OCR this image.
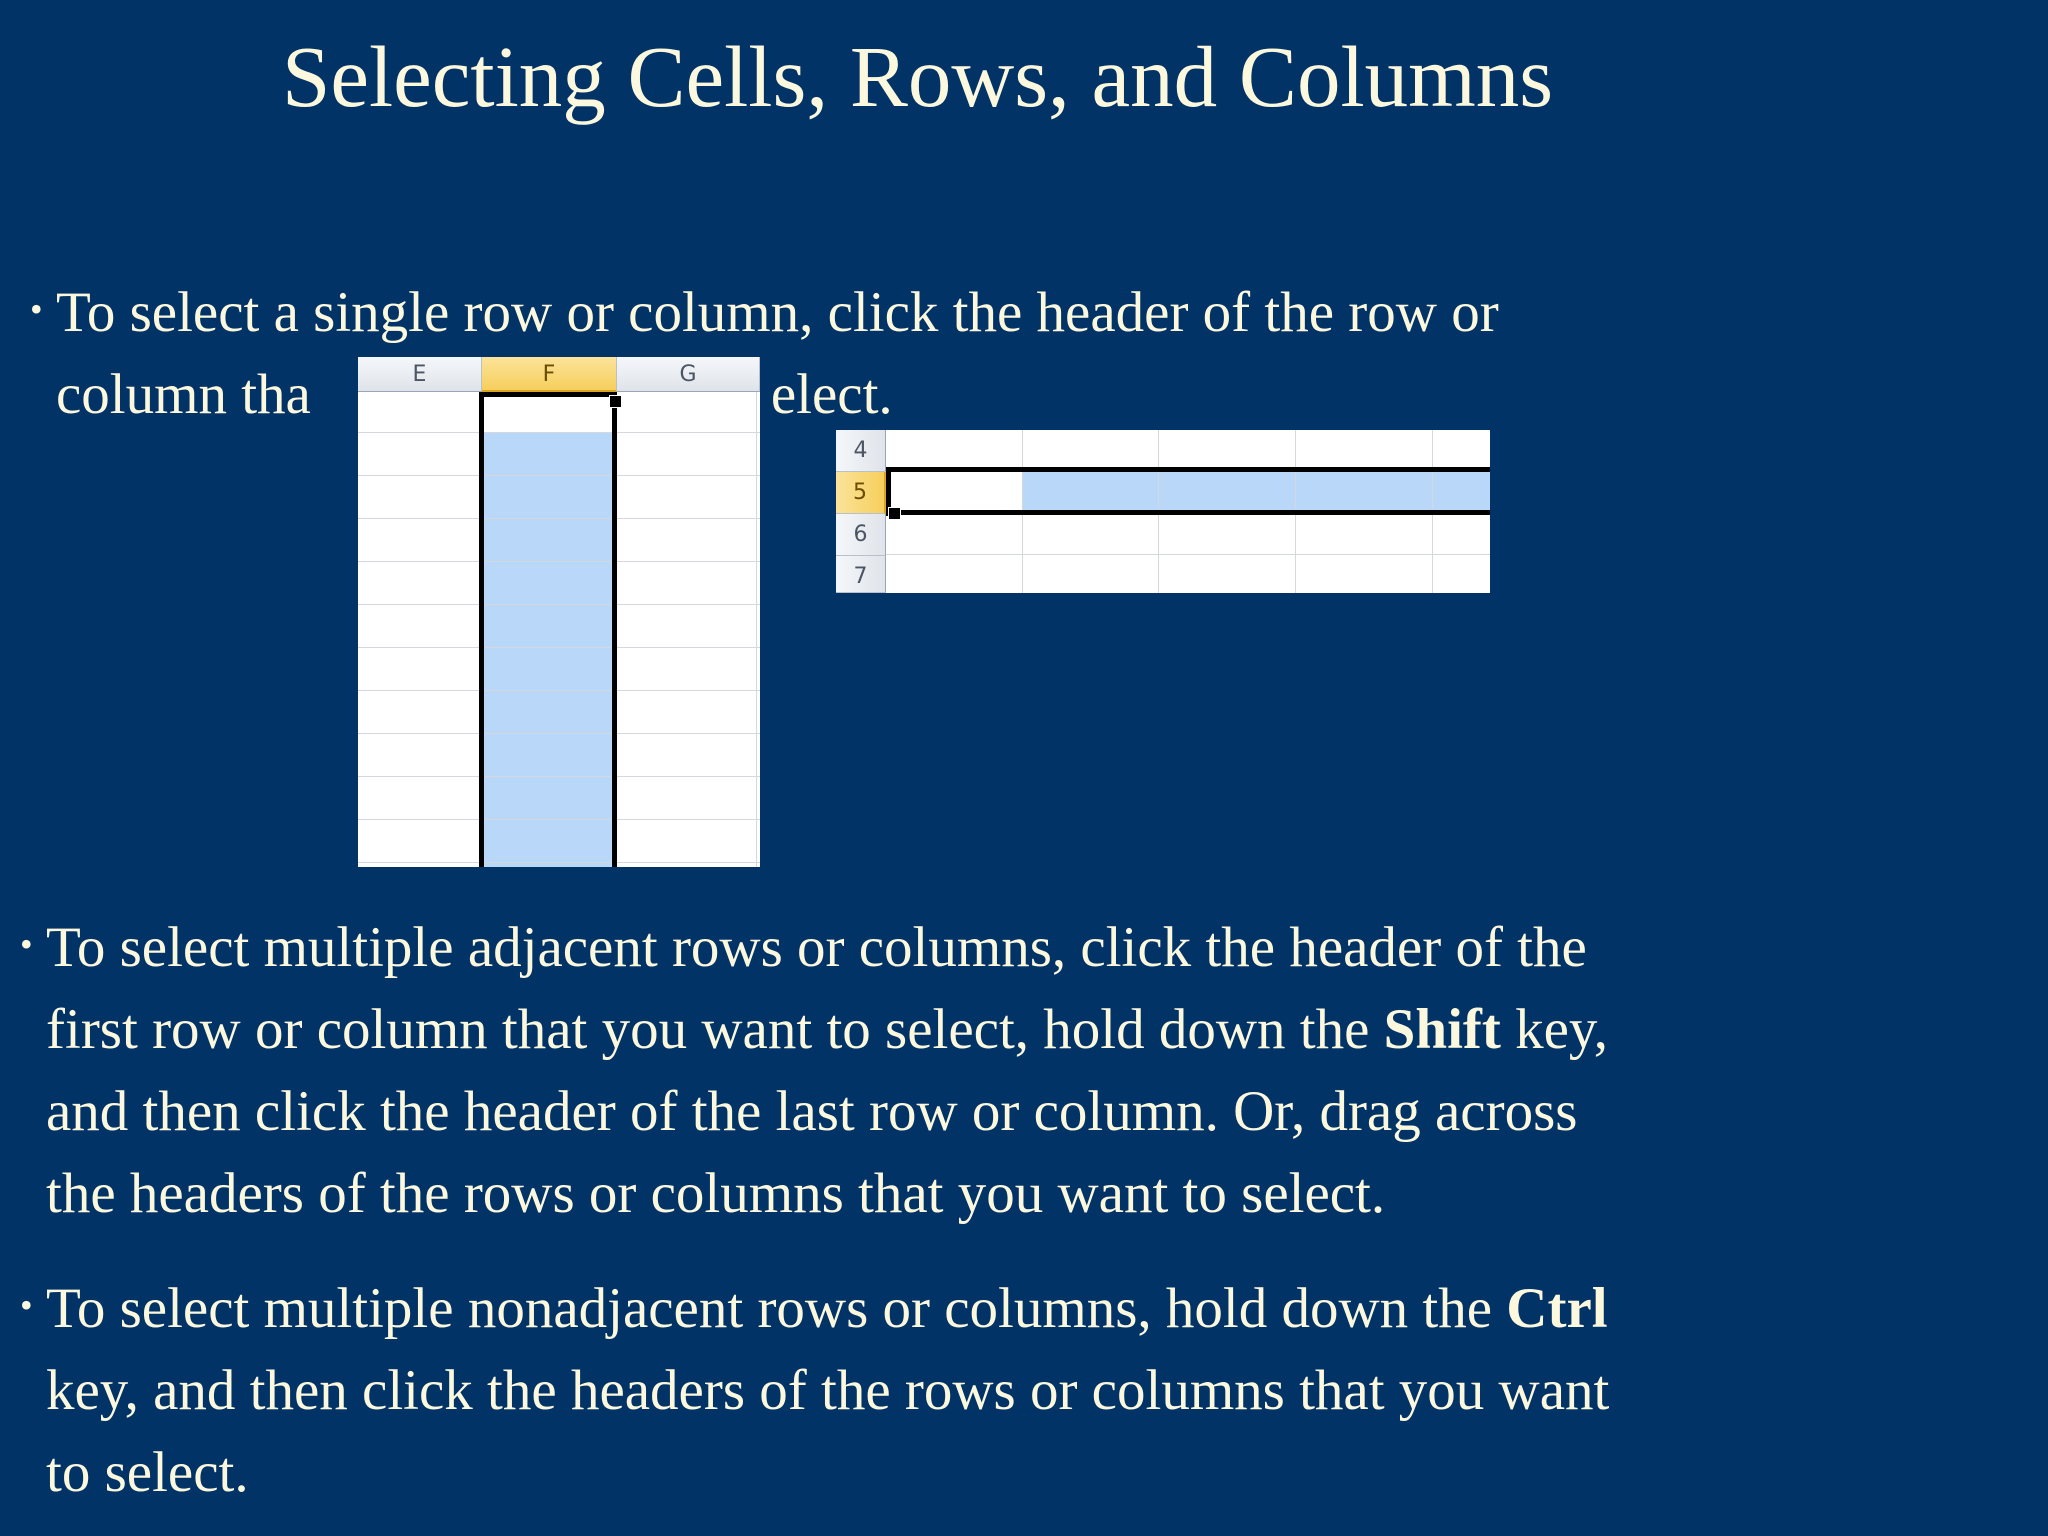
Selecting Cells, Rows, and Columns
• To select a single row or column, click the header of the row or
column tha	elect.
E	F	G
4
5
6
7
• To select multiple adjacent rows or columns, click the header of the
first row or column that you want to select, hold down the Shift key,
and then click the header of the last row or column. Or, drag across
the headers of the rows or columns that you want to select.
• To select multiple nonadjacent rows or columns, hold down the Ctrl
key, and then click the headers of the rows or columns that you want
to select.
